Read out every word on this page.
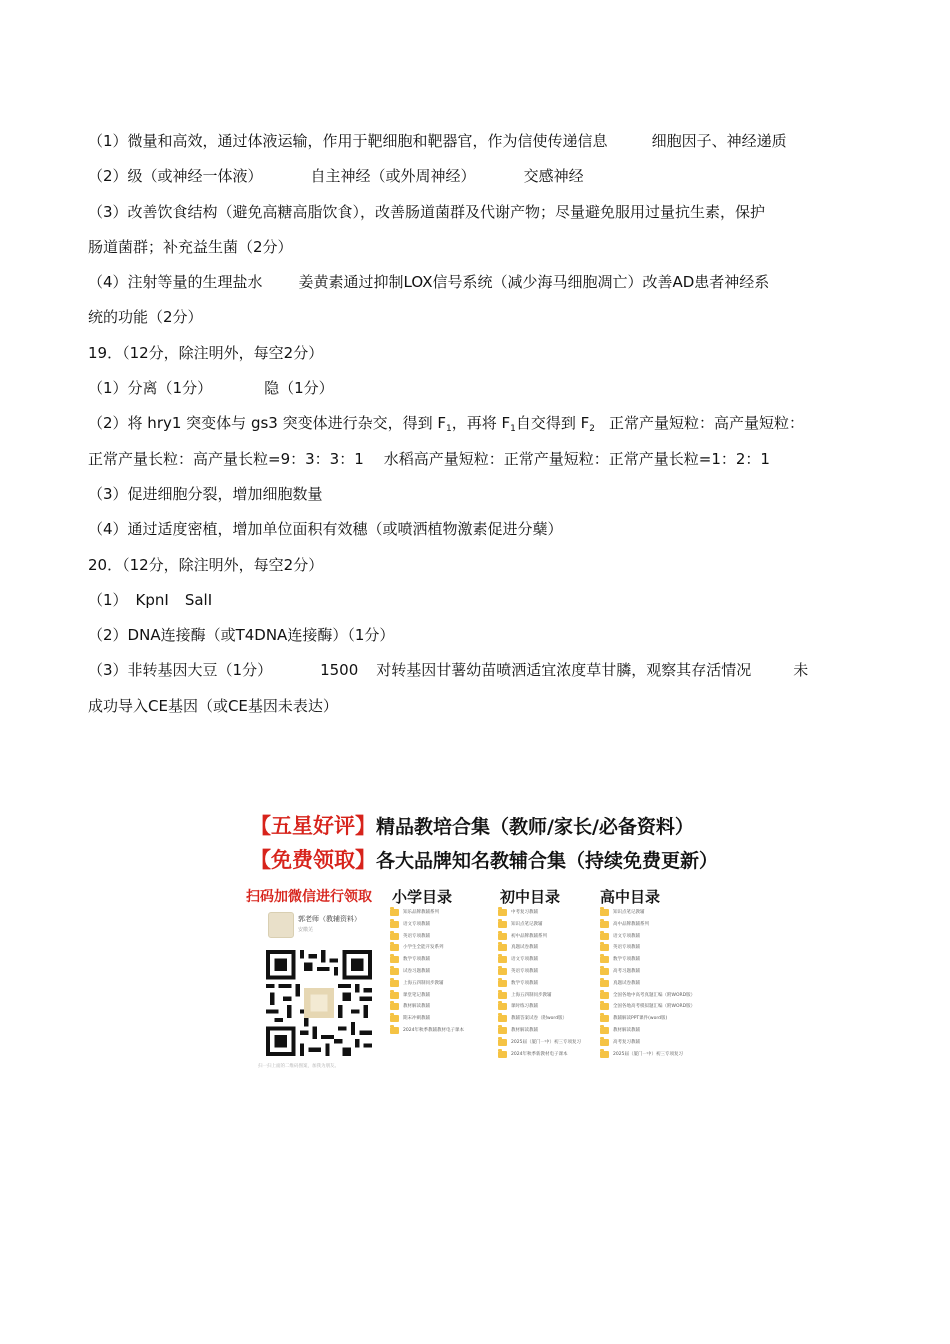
（1）微量和高效，通过体液运输，作用于靶细胞和靶器官，作为信使传递信息	细胞因子、神经递质
（2）级（或神经一体液）	自主神经（或外周神经）	交感神经
（3）改善饮食结构（避免高糖高脂饮食），改善肠道菌群及代谢产物；尽量避免服用过量抗生素，保护
肠道菌群；补充益生菌（2分）
（4）注射等量的生理盐水 姜黄素通过抑制LOX信号系统（减少海马细胞凋亡）改善AD患者神经系
统的功能（2分）
19．（12分，除注明外，每空2分）
（1）分离（1分）	隐（1分）
（2）将 hry1 突变体与 gs3 突变体进行杂交，得到 $F_1$，再将 $F_1$自交得到 $F_2$ 正常产量短粒：高产量短粒：
正常产量长粒：高产量长粒=9：3：3：1 水稻高产量短粒：正常产量短粒：正常产量长粒=1：2：1
（3）促进细胞分裂，增加细胞数量
（4）通过适度密植，增加单位面积有效穗（或喷洒植物激素促进分蘖）
20．（12分，除注明外，每空2分）
（1） KpnI SalI
（2）DNA连接酶（或T4DNA连接酶）（1分）
（3）非转基因大豆（1分）	1500 对转基因甘薯幼苗喷洒适宜浓度草甘膦，观察其存活情况	未
成功导入CE基因（或CE基因未表达）
【五星好评】精品教培合集（教师/家长/必备资料）
【免费领取】各大品牌知名教辅合集（持续免费更新）
扫码加微信进行领取 小学目录	初中目录	高中目录
郭老师（教辅资料）
安徽芜
扫一扫上面的二维码图案，加我为朋友。
知乐品牌教辅系列
语文专项教辅
英语专项教辅
小学生全能开发系列
数学专项教辅
试卷习题教辅
上海五四制同步教辅
课堂笔记教辅
教材解读教辅
期末冲刺教辅
2024年秋季教辅教材电子课本
中考复习教辅
知识点笔记教辅
初中品牌教辅系列
真题试卷教辅
语文专项教辅
英语专项教辅
数学专项教辅
上海五四制同步教辅
课时练习教辅
教辅答案试卷（附word版）
教材解读教辅
2025届（厦门一中）初三专项复习
2024年秋季新教材电子课本
知识点笔记教辅
高中品牌教辅系列
语文专项教辅
英语专项教辅
数学专项教辅
高考习题教辅
真题试卷教辅
全国各地中高考真题汇编（附WORD版）
全国各地高考模拟题汇编（附WORD版）
教辅解读PPT课件(word版)
教材解读教辅
高考复习教辅
2025届（厦门一中）初三专项复习
